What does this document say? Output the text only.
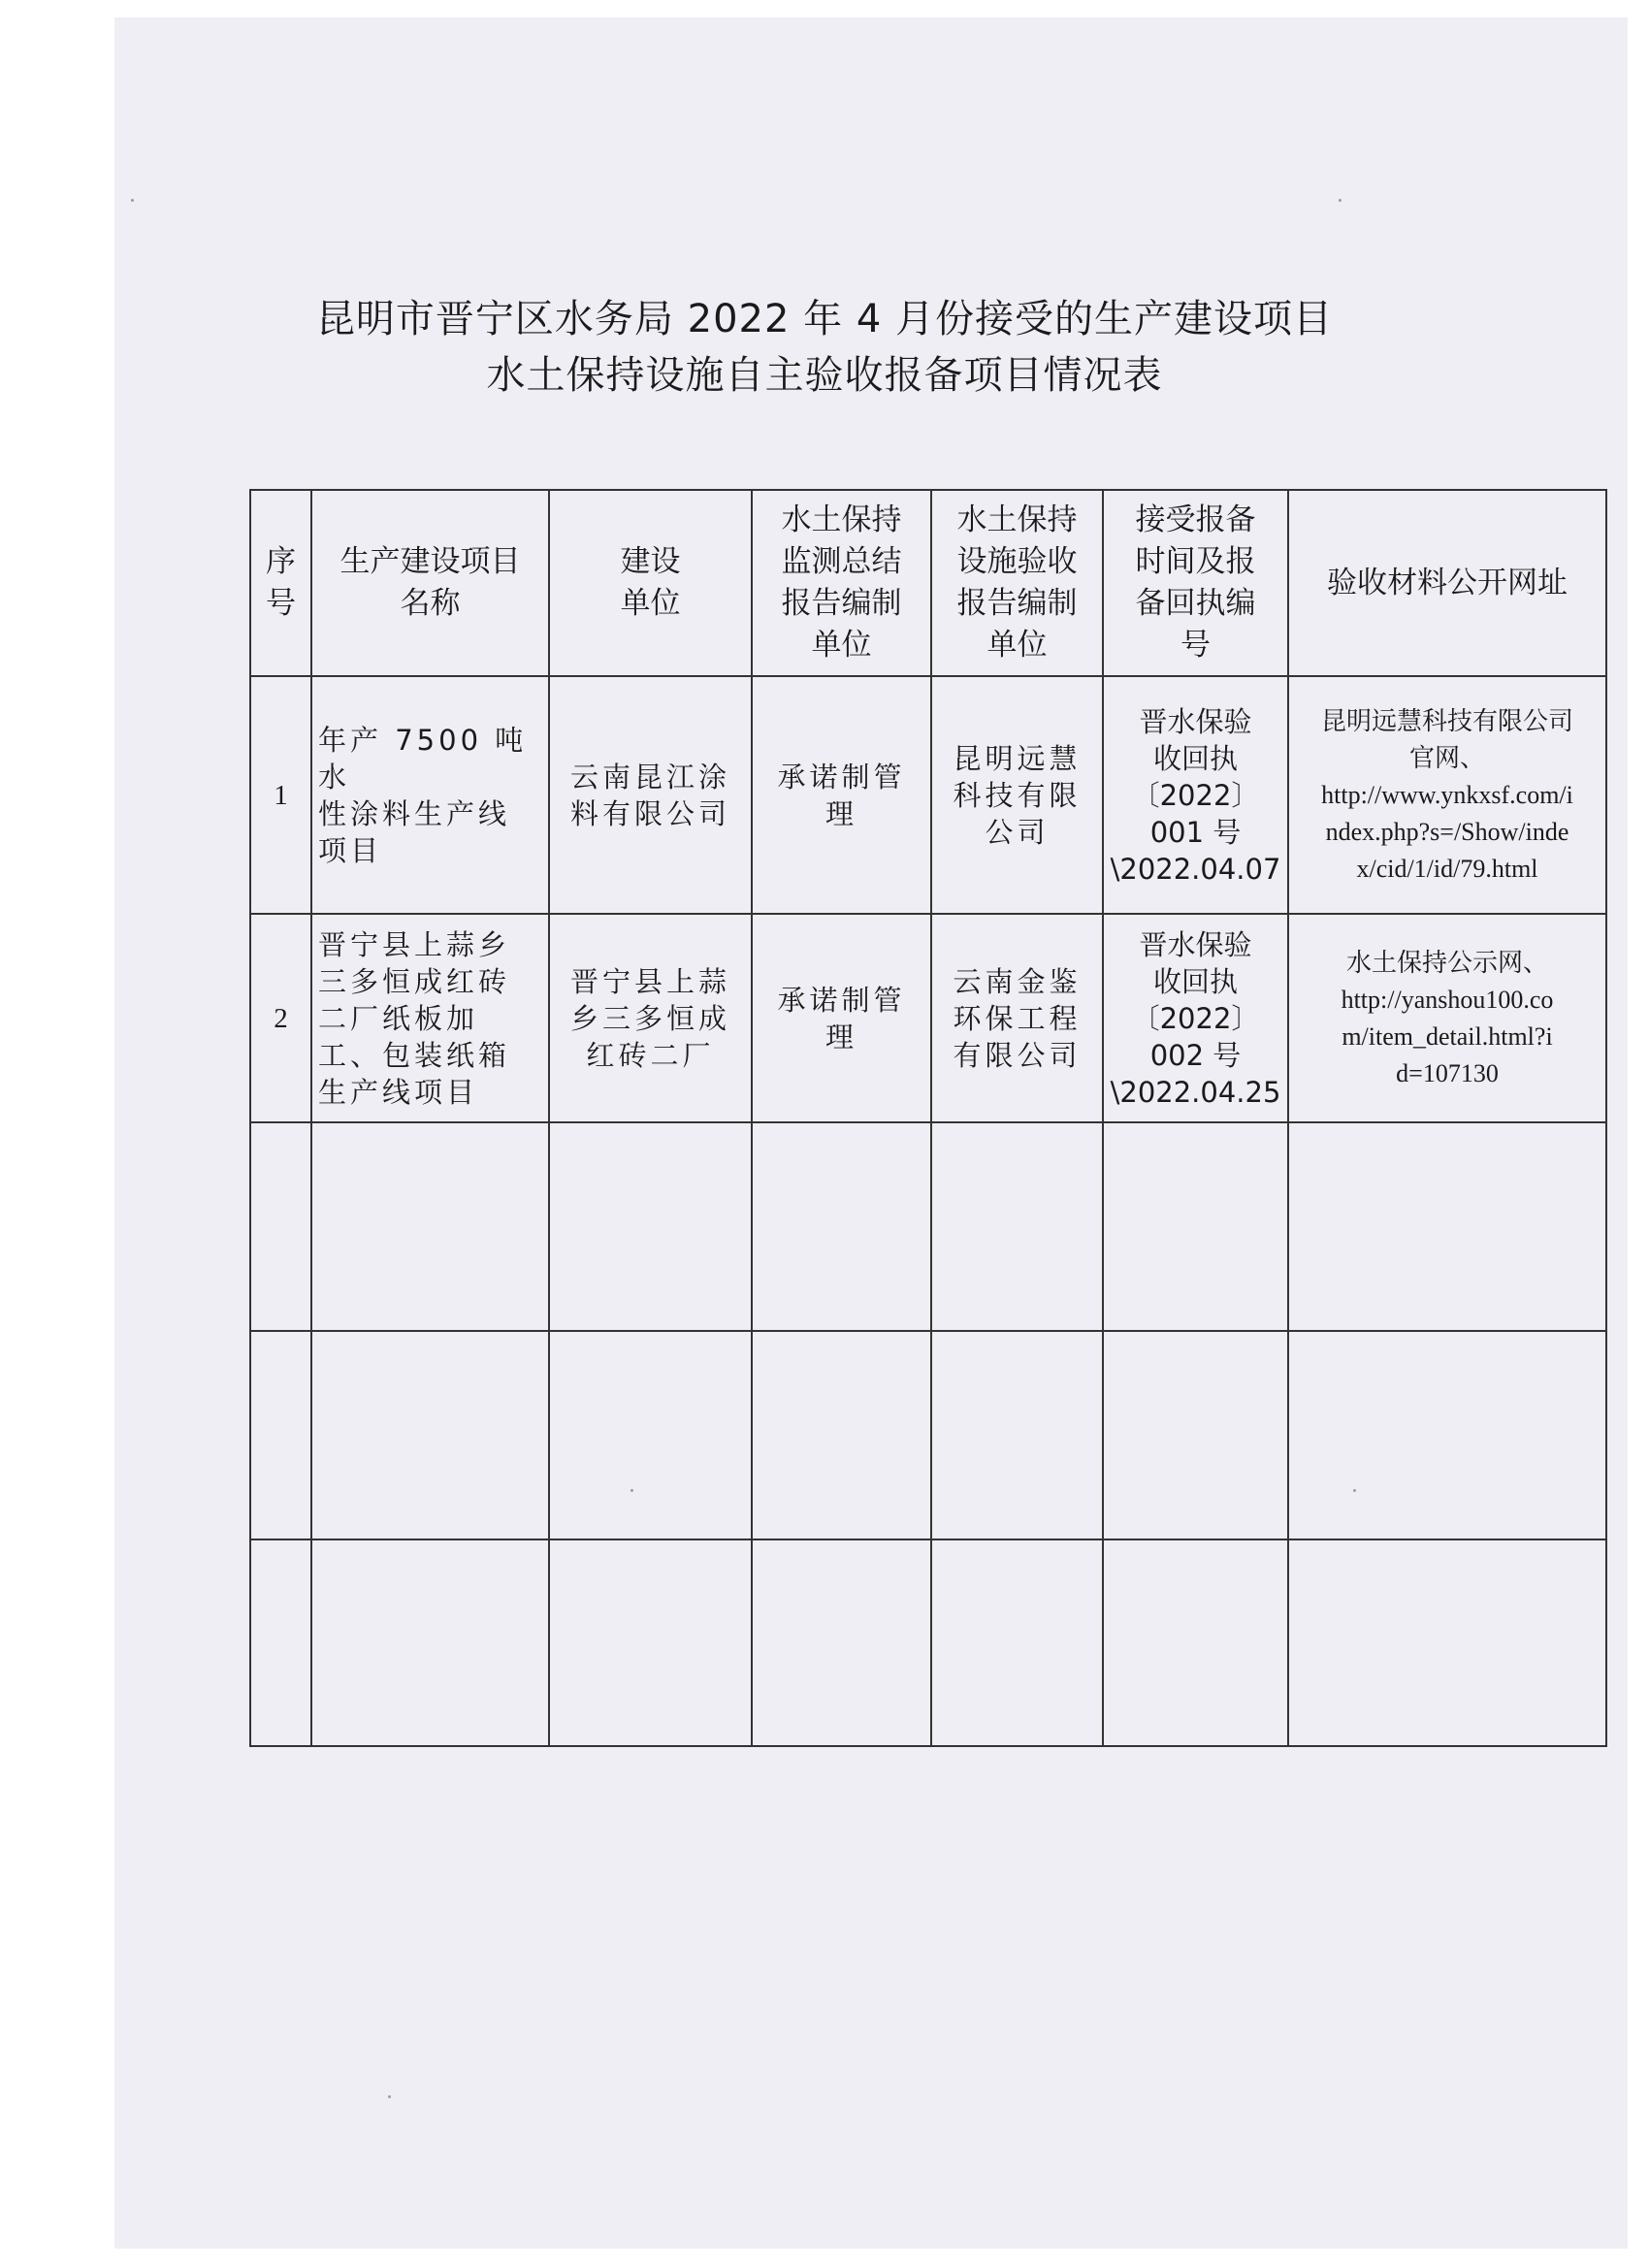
昆明市晋宁区水务局 2022 年 4 月份接受的生产建设项目
水土保持设施自主验收报备项目情况表
序
号	生产建设项目
名称	建设
单位	水土保持
监测总结
报告编制
单位	水土保持
设施验收
报告编制
单位	接受报备
时间及报
备回执编
号	验收材料公开网址

1	年产 7500 吨水
性涂料生产线
项目	云南昆江涂
料有限公司	承诺制管
理	昆明远慧
科技有限
公司	晋水保验
收回执
〔2022〕
001 号
\2022.04.07	昆明远慧科技有限公司
官网、
http://www.ynkxsf.com/i
ndex.php?s=/Show/inde
x/cid/1/id/79.html

2	晋宁县上蒜乡
三多恒成红砖
二厂纸板加
工、包装纸箱
生产线项目	晋宁县上蒜
乡三多恒成
红砖二厂	承诺制管
理	云南金鉴
环保工程
有限公司	晋水保验
收回执
〔2022〕
002 号
\2022.04.25	水土保持公示网、
http://yanshou100.co
m/item_detail.html?i
d=107130
